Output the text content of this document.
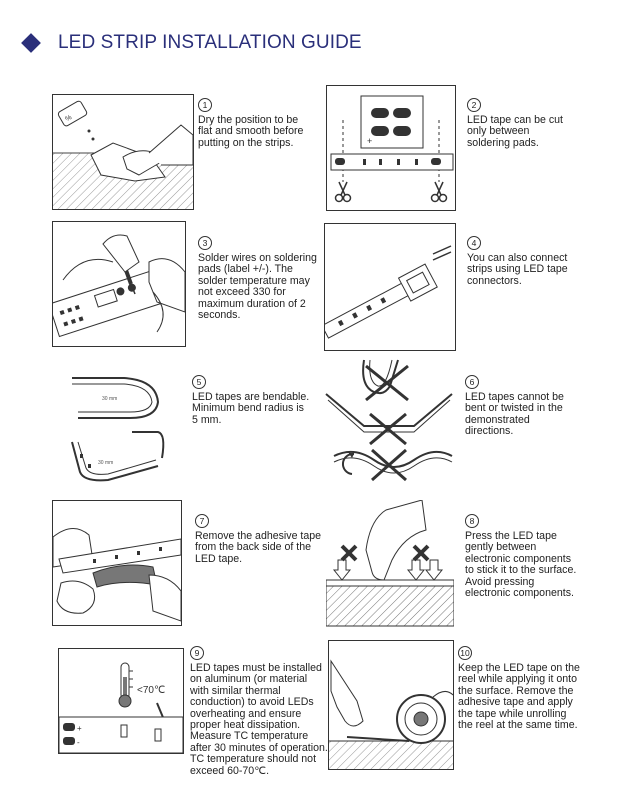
LED STRIP INSTALLATION GUIDE
%
1
Dry the position to be
flat and smooth before
putting on the strips.	+
2
LED tape can be cut
only between
soldering pads.
3
Solder wires on soldering
pads (label +/-). The
solder temperature may
not exceed 330 for
maximum duration of 2
seconds.
4
You can also connect
strips using LED tape
connectors.
30 mm
30 mm
5
LED tapes are bendable.
Minimum bend radius is
5 mm.
6
LED tapes cannot be
bent or twisted in the
demonstrated
directions.
7
Remove the adhesive tape
from the back side of the
LED tape.
8
Press the LED tape
gently between
electronic components
to stick it to the surface.
Avoid pressing
electronic components.
<70℃
+
-
9
LED tapes must be installed
on aluminum (or material
with similar thermal
conduction) to avoid LEDs
overheating and ensure
proper heat dissipation.
Measure TC temperature
after 30 minutes of operation.
TC temperature should not
exceed 60-70℃.
10
Keep the LED tape on the
reel while applying it onto
the surface. Remove the
adhesive tape and apply
the tape while unrolling
the reel at the same time.
